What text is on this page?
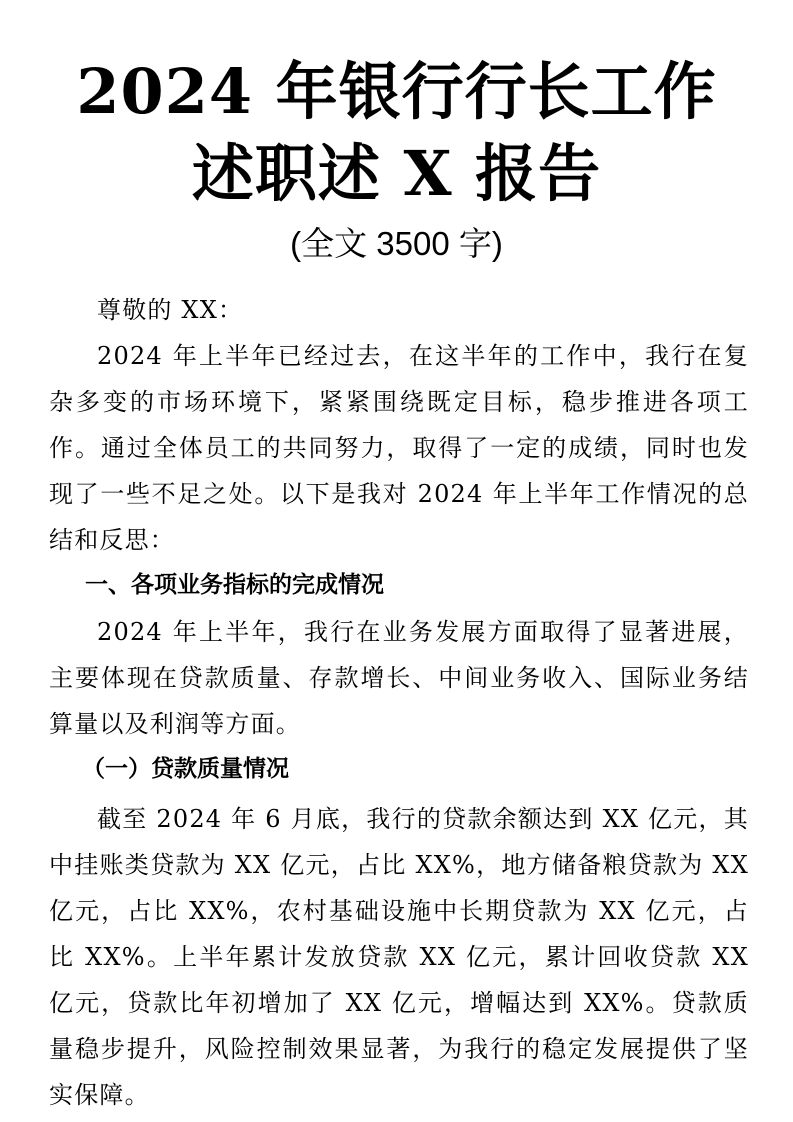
2024 年银行行长工作
述职述 X 报告
(全文 3500 字)

尊敬的 XX：

2024 年上半年已经过去，在这半年的工作中，我行在复杂多变的市场环境下，紧紧围绕既定目标，稳步推进各项工作。通过全体员工的共同努力，取得了一定的成绩，同时也发现了一些不足之处。以下是我对 2024 年上半年工作情况的总结和反思：

一、各项业务指标的完成情况

2024 年上半年，我行在业务发展方面取得了显著进展，主要体现在贷款质量、存款增长、中间业务收入、国际业务结算量以及利润等方面。

（一）贷款质量情况

截至 2024 年 6 月底，我行的贷款余额达到 XX 亿元，其中挂账类贷款为 XX 亿元，占比 XX%，地方储备粮贷款为 XX 亿元，占比 XX%，农村基础设施中长期贷款为 XX 亿元，占比 XX%。上半年累计发放贷款 XX 亿元，累计回收贷款 XX 亿元，贷款比年初增加了 XX 亿元，增幅达到 XX%。贷款质量稳步提升，风险控制效果显著，为我行的稳定发展提供了坚实保障。
